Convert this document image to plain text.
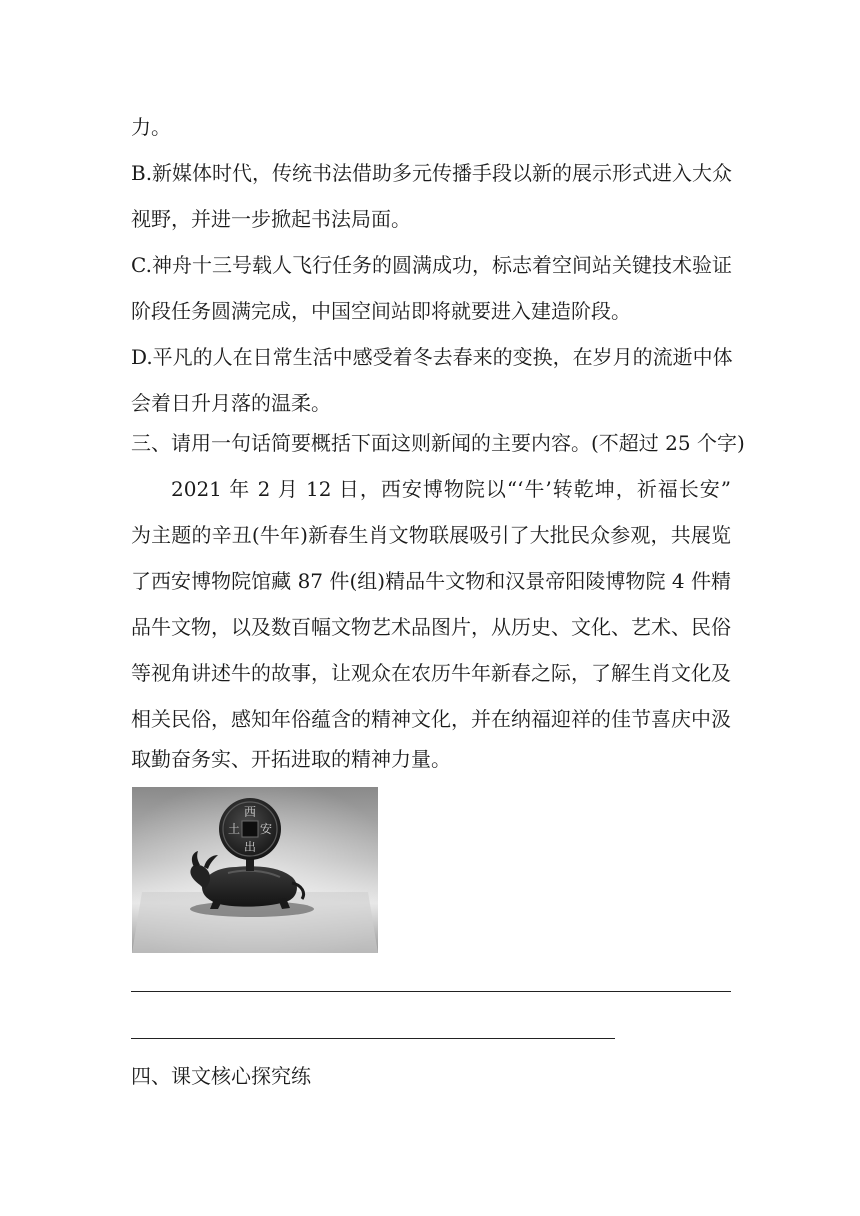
力。
B.新媒体时代，传统书法借助多元传播手段以新的展示形式进入大众
视野，并进一步掀起书法局面。
C.神舟十三号载人飞行任务的圆满成功，标志着空间站关键技术验证
阶段任务圆满完成，中国空间站即将就要进入建造阶段。
D.平凡的人在日常生活中感受着冬去春来的变换，在岁月的流逝中体
会着日升月落的温柔。
三、请用一句话简要概括下面这则新闻的主要内容。(不超过 25 个字)
2021 年 2 月 12 日，西安博物院以“‘牛’转乾坤，祈福长安”
为主题的辛丑(牛年)新春生肖文物联展吸引了大批民众参观，共展览
了西安博物院馆藏 87 件(组)精品牛文物和汉景帝阳陵博物院 4 件精
品牛文物，以及数百幅文物艺术品图片，从历史、文化、艺术、民俗
等视角讲述牛的故事，让观众在农历牛年新春之际，了解生肖文化及
相关民俗，感知年俗蕴含的精神文化，并在纳福迎祥的佳节喜庆中汲
取勤奋务实、开拓进取的精神力量。
西
安
出
土
四、课文核心探究练
